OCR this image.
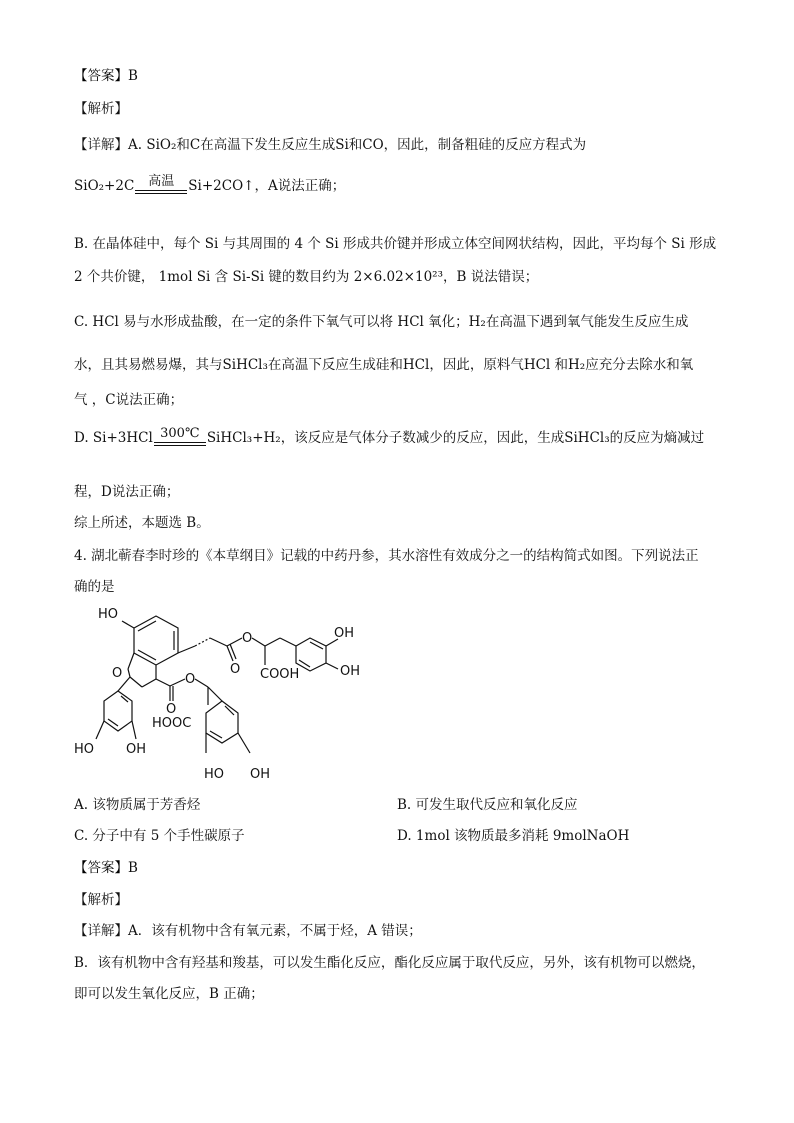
【答案】B
【解析】
【详解】A. SiO₂和C在高温下发生反应生成Si和CO，因此，制备粗硅的反应方程式为
SiO₂+2C	高温	Si+2CO↑，A说法正确；
B. 在晶体硅中，每个 Si 与其周围的 4 个 Si 形成共价键并形成立体空间网状结构，因此，平均每个 Si 形成
2 个共价键， 1mol Si 含 Si-Si 键的数目约为 2×6.02×10²³，B 说法错误；
C. HCl 易与水形成盐酸，在一定的条件下氧气可以将 HCl 氧化；H₂在高温下遇到氧气能发生反应生成
水，且其易燃易爆，其与SiHCl₃在高温下反应生成硅和HCl，因此，原料气HCl 和H₂应充分去除水和氧
气 ，C说法正确；
D. Si+3HCl 300℃ SiHCl₃+H₂，该反应是气体分子数减少的反应，因此，生成SiHCl₃的反应为熵减过
程，D说法正确；
综上所述，本题选 B。
4. 湖北蕲春李时珍的《本草纲目》记载的中药丹参，其水溶性有效成分之一的结构简式如图。下列说法正
确的是
HO
O
O
O COOH
OH
OH
O
O
HOOC
HO OH
HO OH
A. 该物质属于芳香烃	B. 可发生取代反应和氧化反应
C. 分子中有 5 个手性碳原子	D. 1mol 该物质最多消耗 9molNaOH
【答案】B
【解析】
【详解】A．该有机物中含有氧元素，不属于烃，A 错误；
B．该有机物中含有羟基和羧基，可以发生酯化反应，酯化反应属于取代反应，另外，该有机物可以燃烧，
即可以发生氧化反应，B 正确；
